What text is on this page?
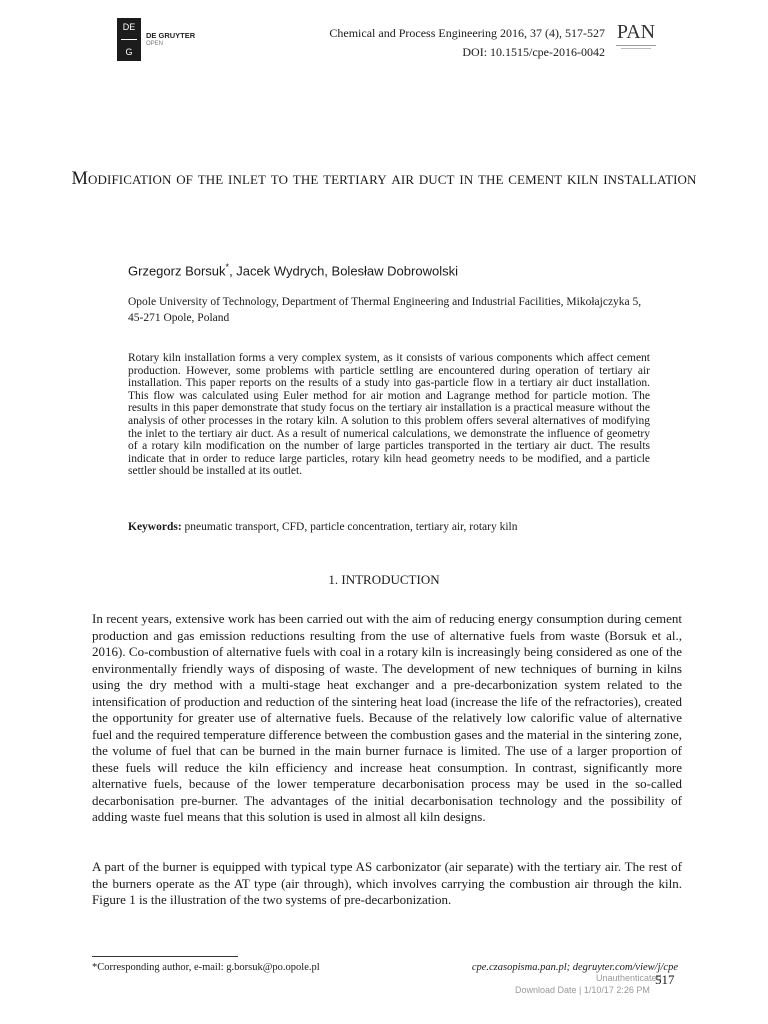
DE
G
DE GRUYTER
OPEN
Chemical and Process Engineering 2016, 37 (4), 517-527
DOI: 10.1515/cpe-2016-0042
PAN
Modification of the inlet to the tertiary air duct in the cement kiln installation
Grzegorz Borsuk*, Jacek Wydrych, Bolesław Dobrowolski
Opole University of Technology, Department of Thermal Engineering and Industrial Facilities, Mikołajczyka 5, 45-271 Opole, Poland
Rotary kiln installation forms a very complex system, as it consists of various components which affect cement production. However, some problems with particle settling are encountered during operation of tertiary air installation. This paper reports on the results of a study into gas-particle flow in a tertiary air duct installation. This flow was calculated using Euler method for air motion and Lagrange method for particle motion. The results in this paper demonstrate that study focus on the tertiary air installation is a practical measure without the analysis of other processes in the rotary kiln. A solution to this problem offers several alternatives of modifying the inlet to the tertiary air duct. As a result of numerical calculations, we demonstrate the influence of geometry of a rotary kiln modification on the number of large particles transported in the tertiary air duct. The results indicate that in order to reduce large particles, rotary kiln head geometry needs to be modified, and a particle settler should be installed at its outlet.
Keywords: pneumatic transport, CFD, particle concentration, tertiary air, rotary kiln
1. INTRODUCTION
In recent years, extensive work has been carried out with the aim of reducing energy consumption during cement production and gas emission reductions resulting from the use of alternative fuels from waste (Borsuk et al., 2016). Co-combustion of alternative fuels with coal in a rotary kiln is increasingly being considered as one of the environmentally friendly ways of disposing of waste. The development of new techniques of burning in kilns using the dry method with a multi-stage heat exchanger and a pre-decarbonization system related to the intensification of production and reduction of the sintering heat load (increase the life of the refractories), created the opportunity for greater use of alternative fuels. Because of the relatively low calorific value of alternative fuel and the required temperature difference between the combustion gases and the material in the sintering zone, the volume of fuel that can be burned in the main burner furnace is limited. The use of a larger proportion of these fuels will reduce the kiln efficiency and increase heat consumption. In contrast, significantly more alternative fuels, because of the lower temperature decarbonisation process may be used in the so-called decarbonisation pre-burner. The advantages of the initial decarbonisation technology and the possibility of adding waste fuel means that this solution is used in almost all kiln designs.
A part of the burner is equipped with typical type AS carbonizator (air separate) with the tertiary air. The rest of the burners operate as the AT type (air through), which involves carrying the combustion air through the kiln. Figure 1 is the illustration of the two systems of pre-decarbonization.
*Corresponding author, e-mail: g.borsuk@po.opole.pl	cpe.czasopisma.pan.pl; degruyter.com/view/j/cpe
Unauthenticated
517
Download Date | 1/10/17 2:26 PM
